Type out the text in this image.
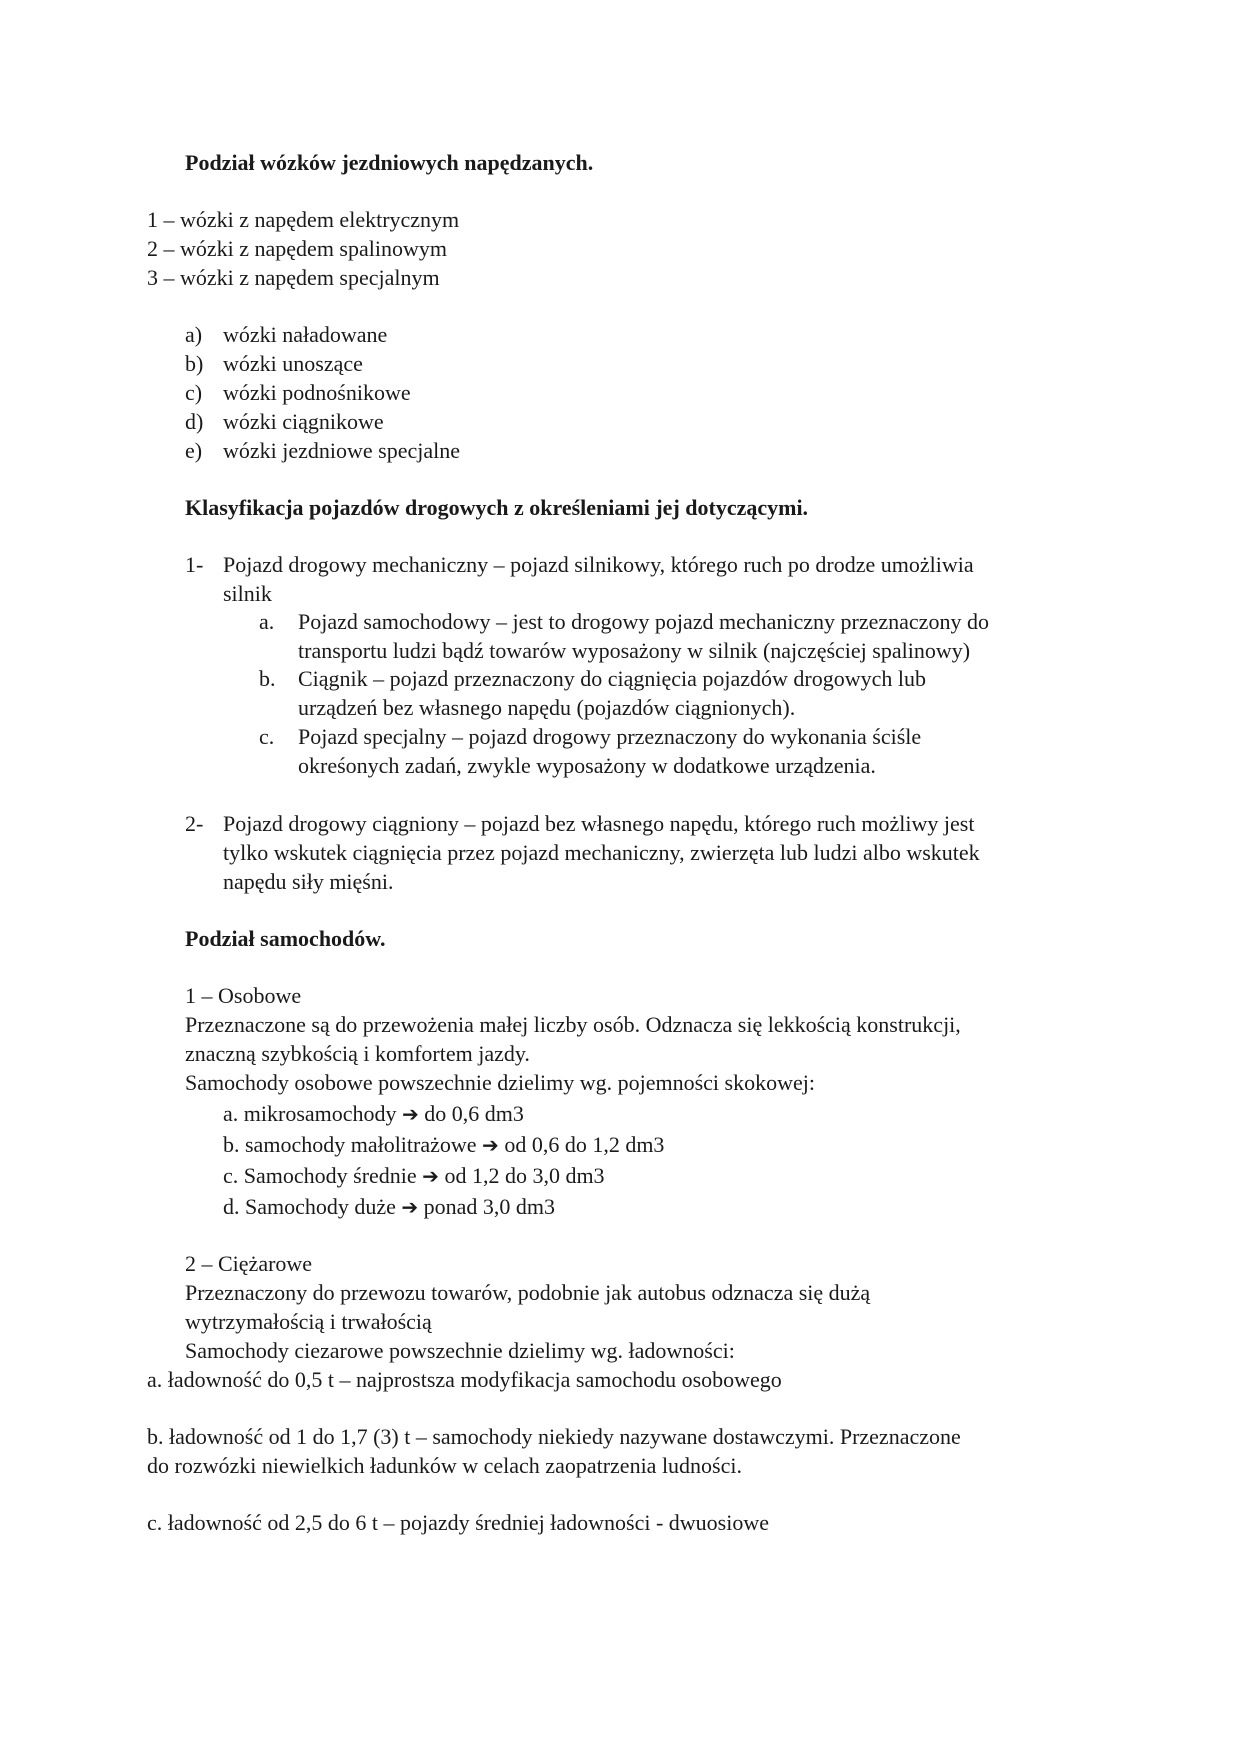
Podział wózków jezdniowych napędzanych.
1 – wózki z napędem elektrycznym
2 – wózki z napędem spalinowym
3 – wózki z napędem specjalnym
a) wózki naładowane
b) wózki unoszące
c) wózki podnośnikowe
d) wózki ciągnikowe
e) wózki jezdniowe specjalne
Klasyfikacja pojazdów drogowych z określeniami jej dotyczącymi.
1- Pojazd drogowy mechaniczny – pojazd silnikowy, którego ruch po drodze umożliwia
silnik
a. Pojazd samochodowy – jest to drogowy pojazd mechaniczny przeznaczony do
transportu ludzi bądź towarów wyposażony w silnik (najczęściej spalinowy)
b. Ciągnik – pojazd przeznaczony do ciągnięcia pojazdów drogowych lub
urządzeń bez własnego napędu (pojazdów ciągnionych).
c. Pojazd specjalny – pojazd drogowy przeznaczony do wykonania ściśle
okreśonych zadań, zwykle wyposażony w dodatkowe urządzenia.
2- Pojazd drogowy ciągniony – pojazd bez własnego napędu, którego ruch możliwy jest
tylko wskutek ciągnięcia przez pojazd mechaniczny, zwierzęta lub ludzi albo wskutek
napędu siły mięśni.
Podział samochodów.
1 – Osobowe
Przeznaczone są do przewożenia małej liczby osób. Odznacza się lekkością konstrukcji,
znaczną szybkością i komfortem jazdy.
Samochody osobowe powszechnie dzielimy wg. pojemności skokowej:
a. mikrosamochody ➔ do 0,6 dm3
b. samochody małolitrażowe ➔ od 0,6 do 1,2 dm3
c. Samochody średnie ➔ od 1,2 do 3,0 dm3
d. Samochody duże ➔ ponad 3,0 dm3
2 – Ciężarowe
Przeznaczony do przewozu towarów, podobnie jak autobus odznacza się dużą
wytrzymałością i trwałością
Samochody ciezarowe powszechnie dzielimy wg. ładowności:
a. ładowność do 0,5 t – najprostsza modyfikacja samochodu osobowego
b. ładowność od 1 do 1,7 (3) t – samochody niekiedy nazywane dostawczymi. Przeznaczone
do rozwózki niewielkich ładunków w celach zaopatrzenia ludności.
c. ładowność od 2,5 do 6 t – pojazdy średniej ładowności - dwuosiowe
